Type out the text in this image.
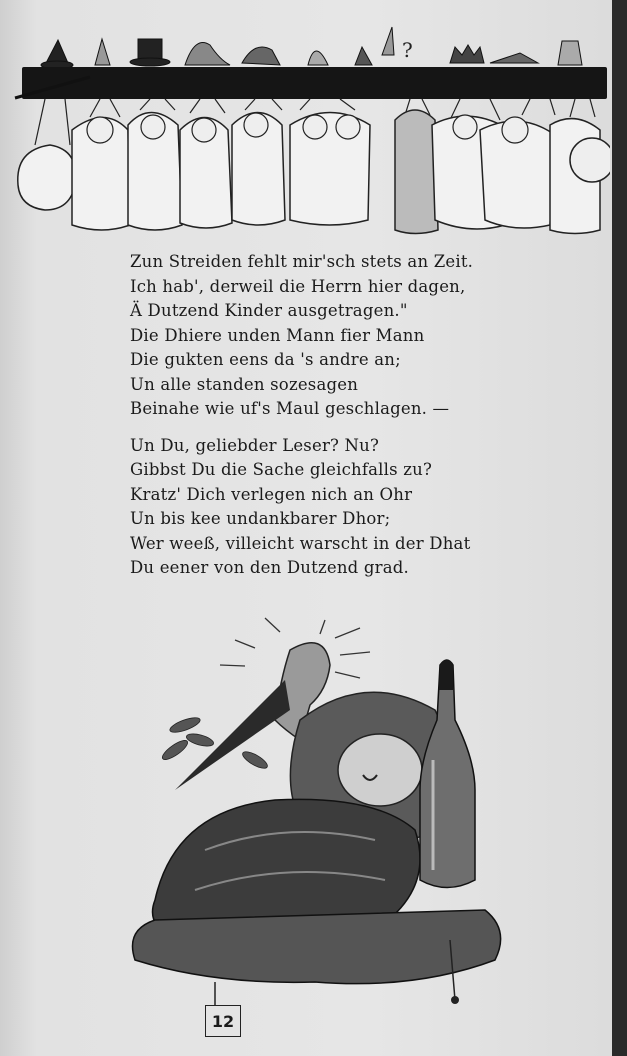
?
Zun Streiden fehlt mir'sch stets an Zeit.
Ich hab', derweil die Herrn hier dagen,
Ä Dutzend Kinder ausgetragen."
Die Dhiere unden Mann fier Mann
Die gukten eens da 's andre an;
Un alle standen sozesagen
Beinahe wie uf's Maul geschlagen. —
Un Du, geliebder Leser? Nu?
Gibbst Du die Sache gleichfalls zu?
Kratz' Dich verlegen nich an Ohr
Un bis kee undankbarer Dhor;
Wer weeß, villeicht warscht in der Dhat
Du eener von den Dutzend grad.
12
